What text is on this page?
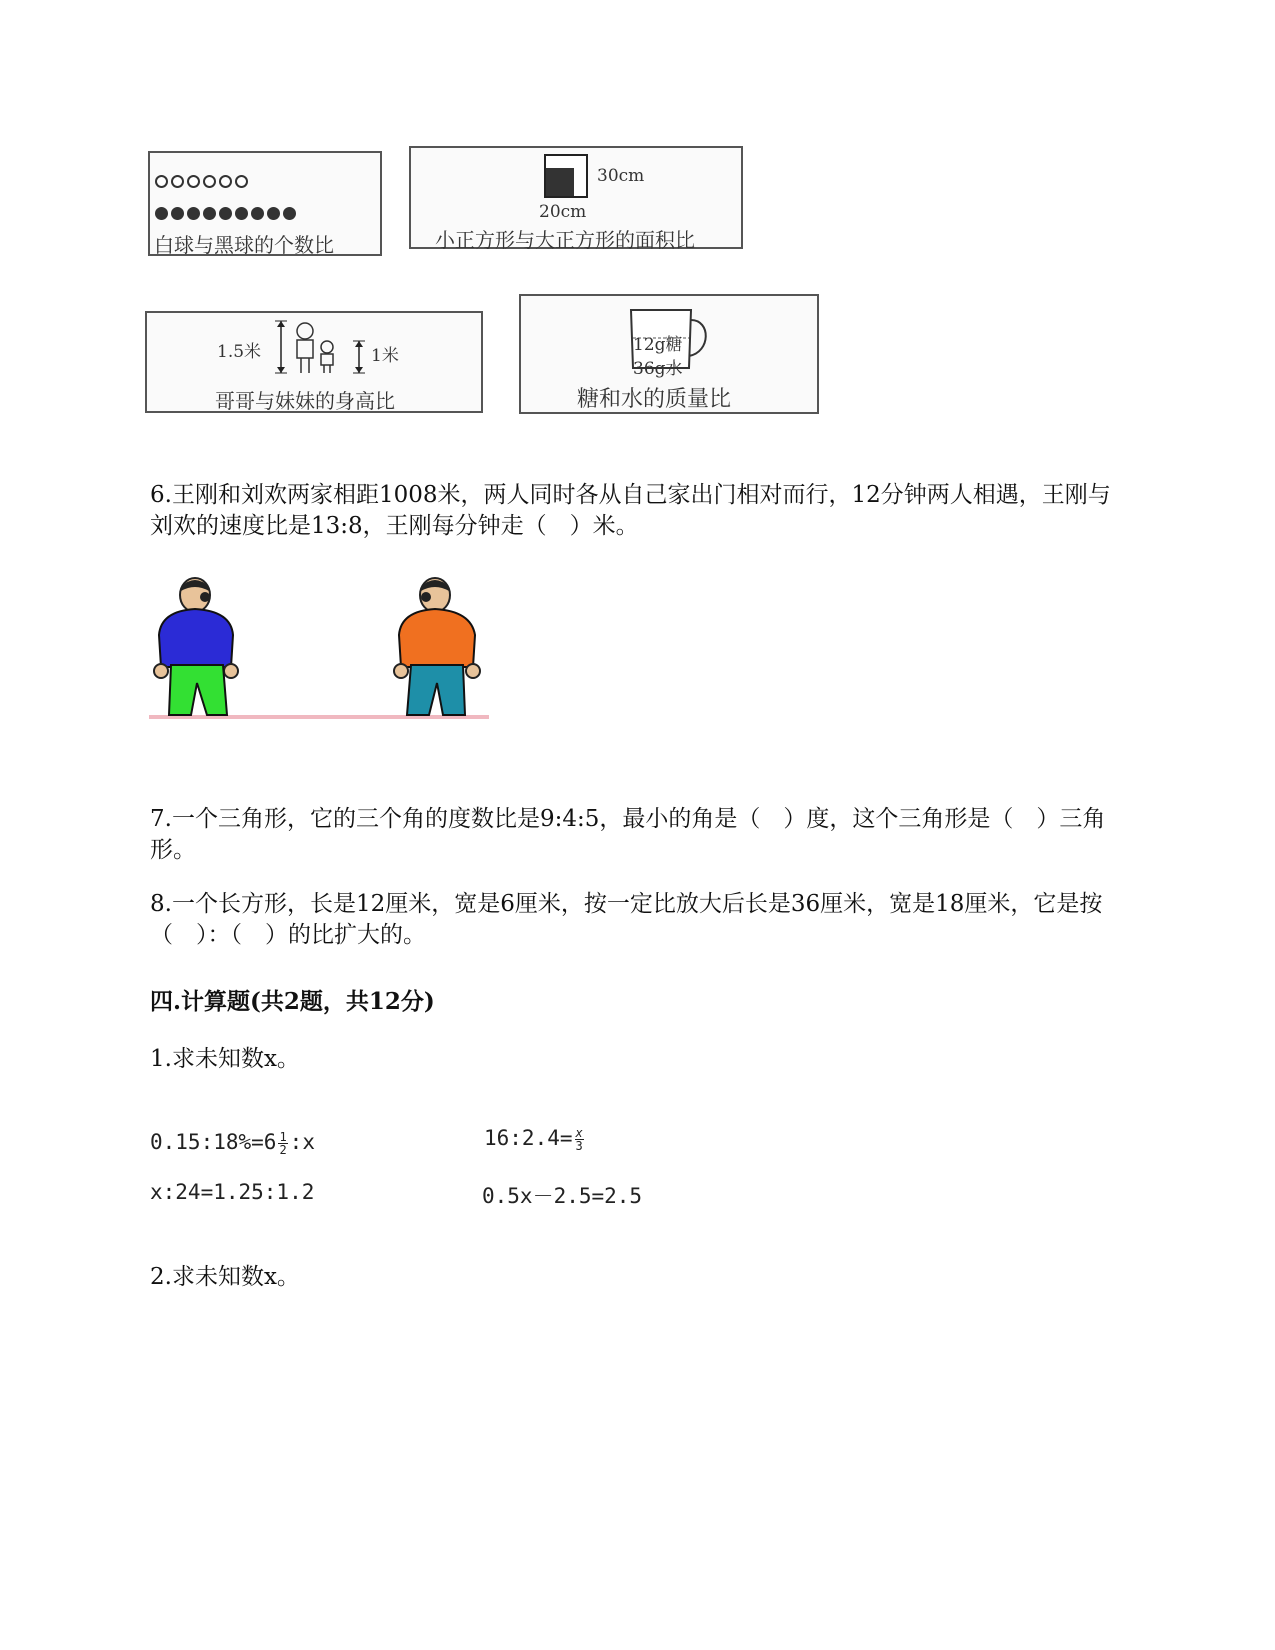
白球与黑球的个数比
30cm
20cm
小正方形与大正方形的面积比
1.5米	1米
哥哥与妹妹的身高比
12g糖
36g水
糖和水的质量比
6.王刚和刘欢两家相距1008米，两人同时各从自己家出门相对而行，12分钟两人相遇，王刚与刘欢的速度比是13:8，王刚每分钟走（　）米。
7.一个三角形，它的三个角的度数比是9:4:5，最小的角是（　）度，这个三角形是（　）三角形。
8.一个长方形，长是12厘米，宽是6厘米，按一定比放大后长是36厘米，宽是18厘米，它是按（　）：（　）的比扩大的。
四.计算题(共2题，共12分)
1.求未知数x。
0.15:18%=6 $\frac{1}{2}$ :x	16:2.4= $\frac{x}{3}$
x:24=1.25:1.2	0.5x－2.5=2.5
2.求未知数x。
